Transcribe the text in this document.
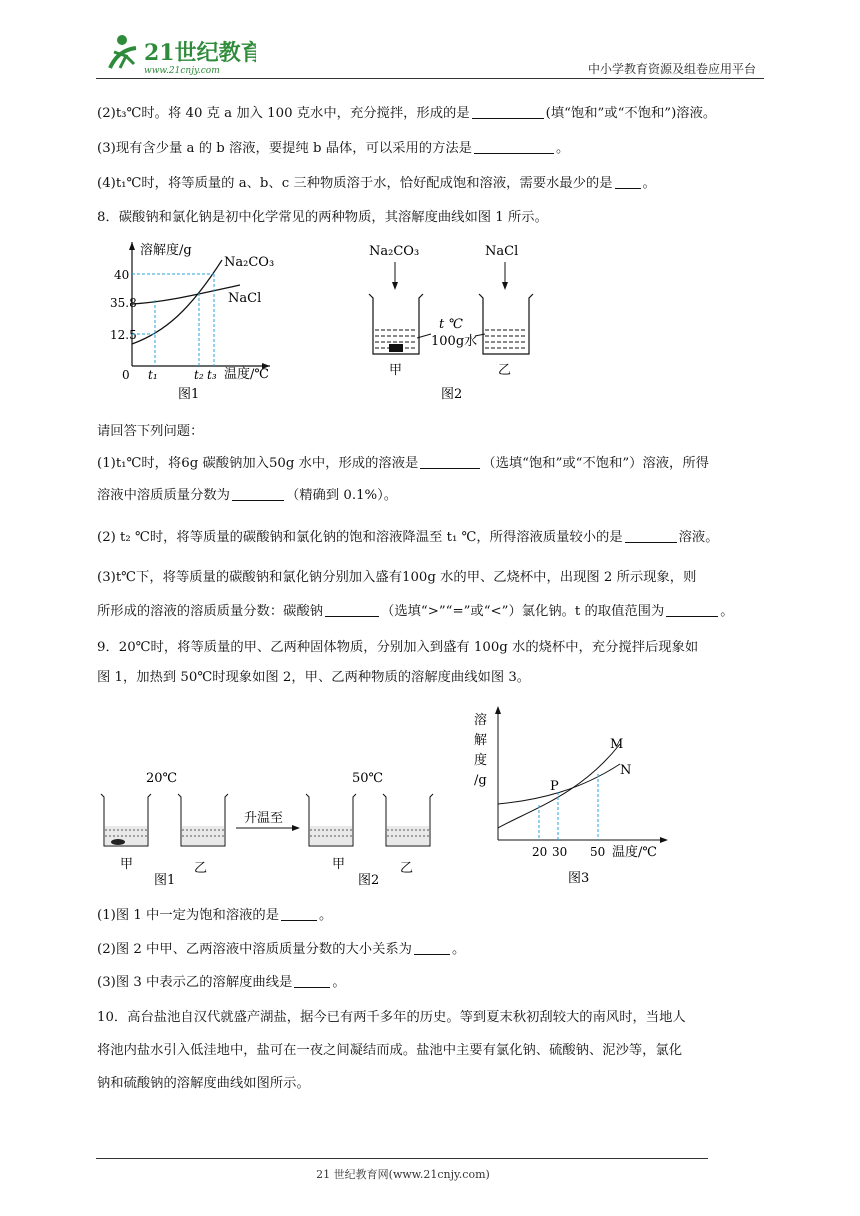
21世纪教育
www.21cnjy.com	中小学教育资源及组卷应用平台
(2)t₃℃时。将 40 克 a 加入 100 克水中，充分搅拌，形成的是	(填“饱和”或“不饱和”)溶液。
(3)现有含少量 a 的 b 溶液，要提纯 b 晶体，可以采用的方法是	。
(4)t₁℃时，将等质量的 a、b、c 三种物质溶于水，恰好配成饱和溶液，需要水最少的是 。
8．碳酸钠和氯化钠是初中化学常见的两种物质，其溶解度曲线如图 1 所示。
溶解度/g
温度/℃
40
35.8
12.5
0 t₁	t₂ t₃
Na₂CO₃
NaCl
图1
Na₂CO₃	NaCl
t ℃
100g水
甲	乙
图2
请回答下列问题：
(1)t₁℃时，将6g 碳酸钠加入50g 水中，形成的溶液是	（选填“饱和”或“不饱和”）溶液，所得
溶液中溶质质量分数为	（精确到 0.1%）。
(2) t₂ ℃时，将等质量的碳酸钠和氯化钠的饱和溶液降温至 t₁ ℃，所得溶液质量较小的是	溶液。
(3)t℃下，将等质量的碳酸钠和氯化钠分别加入盛有100g 水的甲、乙烧杯中，出现图 2 所示现象，则
所形成的溶液的溶质质量分数：碳酸钠	（选填“>”“=”或“<”）氯化钠。t 的取值范围为	。
9．20℃时，将等质量的甲、乙两种固体物质，分别加入到盛有 100g 水的烧杯中，充分搅拌后现象如
图 1，加热到 50℃时现象如图 2，甲、乙两种物质的溶解度曲线如图 3。
20℃	50℃
升温至
甲	乙	甲	乙
图1	图2
溶
解
度
/g
M
N
P
20 30 50 温度/℃
图3
(1)图 1 中一定为饱和溶液的是	。
(2)图 2 中甲、乙两溶液中溶质质量分数的大小关系为	。
(3)图 3 中表示乙的溶解度曲线是	。
10．高台盐池自汉代就盛产湖盐，据今已有两千多年的历史。等到夏末秋初刮较大的南风时，当地人
将池内盐水引入低洼地中，盐可在一夜之间凝结而成。盐池中主要有氯化钠、硫酸钠、泥沙等，氯化
钠和硫酸钠的溶解度曲线如图所示。
21 世纪教育网(www.21cnjy.com)
